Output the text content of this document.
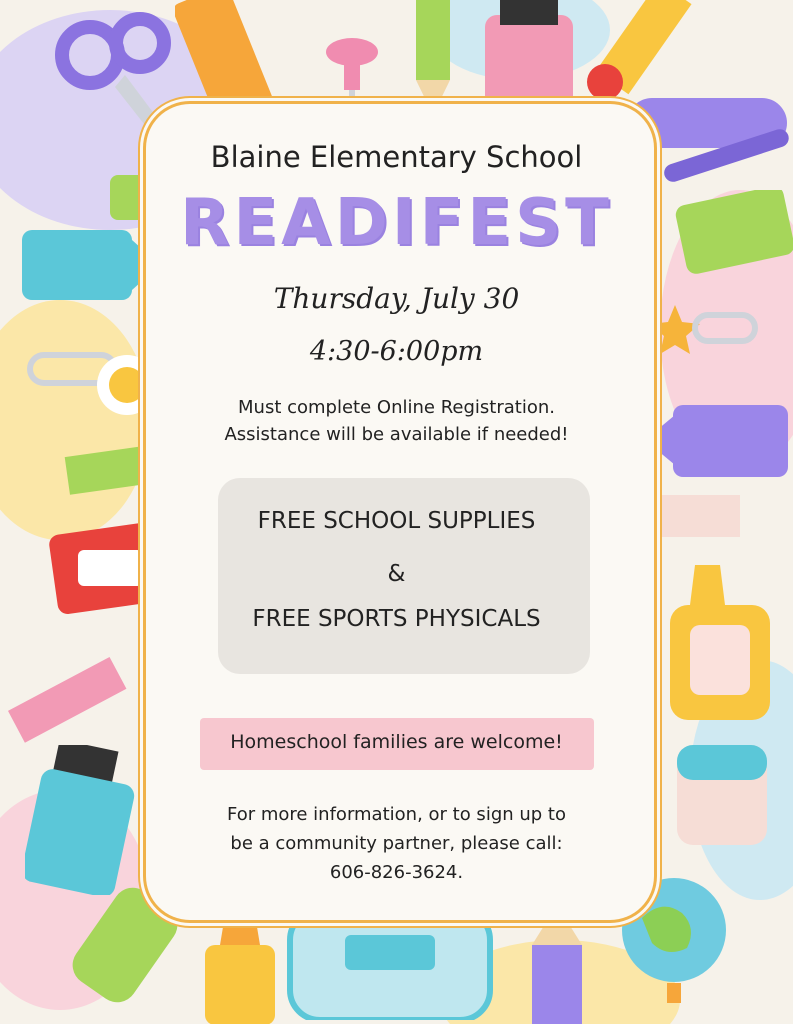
Blaine Elementary School
READIFEST
Thursday, July 30
4:30-6:00pm
Must complete Online Registration.
Assistance will be available if needed!
FREE SCHOOL SUPPLIES
&
FREE SPORTS PHYSICALS
Homeschool families are welcome!
For more information, or to sign up to
be a community partner, please call:
606-826-3624.
